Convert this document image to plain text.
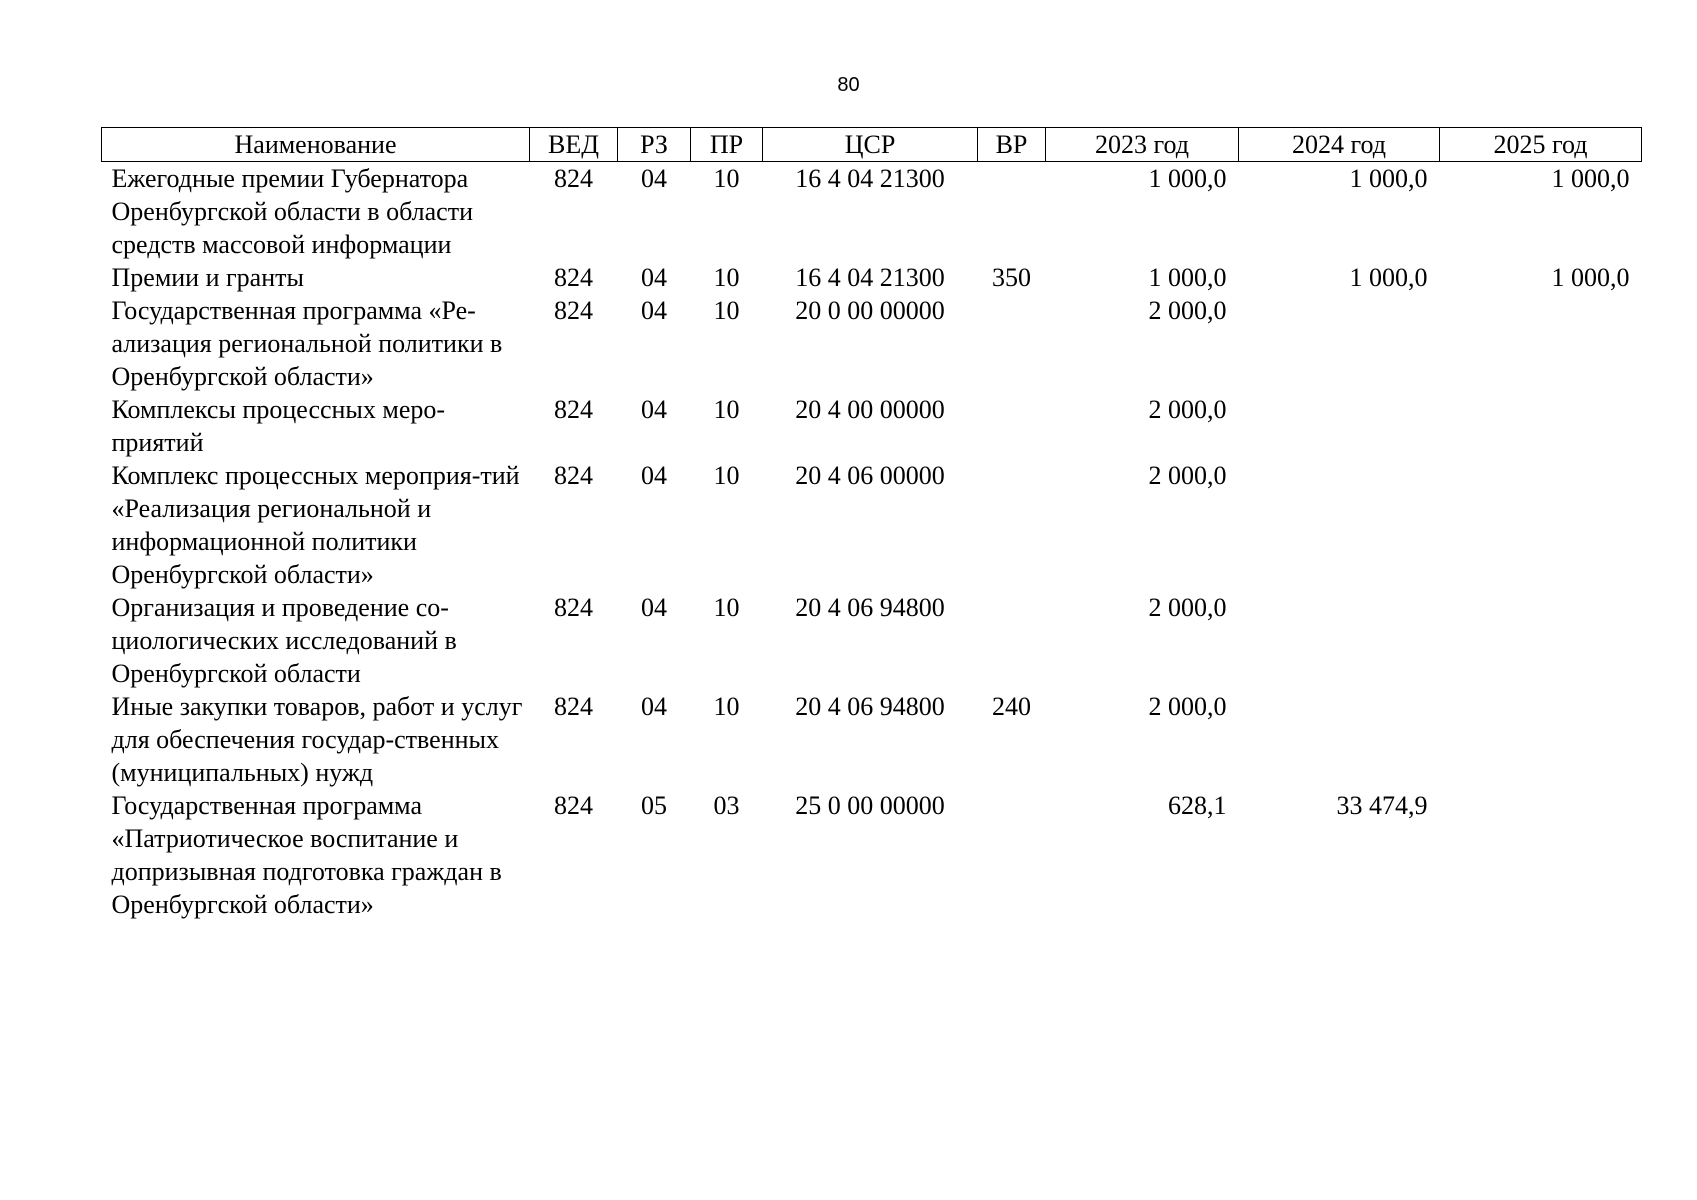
80
Наименование	ВЕД	РЗ	ПР	ЦСР	ВР	2023 год	2024 год	2025 год
Ежегодные премии Губернатора Оренбургской области в области средств массовой информации	824	04	10	16 4 04 21300		1 000,0	1 000,0	1 000,0
Премии и гранты	824	04	10	16 4 04 21300	350	1 000,0	1 000,0	1 000,0
Государственная программа «Ре-ализация региональной политики в Оренбургской области»	824	04	10	20 0 00 00000		2 000,0		
Комплексы процессных меро-приятий	824	04	10	20 4 00 00000		2 000,0		
Комплекс процессных мероприя-тий «Реализация региональной и информационной политики Оренбургской области»	824	04	10	20 4 06 00000		2 000,0		
Организация и проведение со-циологических исследований в Оренбургской области	824	04	10	20 4 06 94800		2 000,0		
Иные закупки товаров, работ и услуг для обеспечения государ-ственных (муниципальных) нужд	824	04	10	20 4 06 94800	240	2 000,0		
Государственная программа «Патриотическое воспитание и допризывная подготовка граждан в Оренбургской области»	824	05	03	25 0 00 00000		628,1	33 474,9	
